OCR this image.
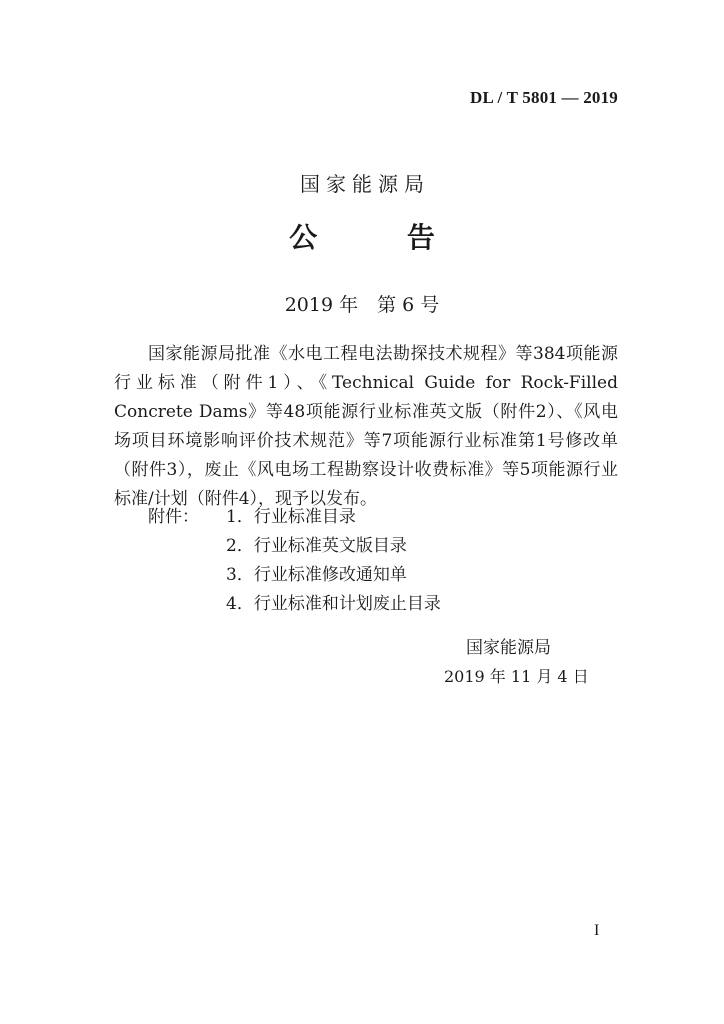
DL / T 5801 — 2019
国家能源局
公 告
2019 年　第 6 号

国家能源局批准《水电工程电法勘探技术规程》等384项能源行业标准（附件1）、《Technical Guide for Rock-Filled Concrete Dams》等48项能源行业标准英文版（附件2）、《风电场项目环境影响评价技术规范》等7项能源行业标准第1号修改单（附件3），废止《风电场工程勘察设计收费标准》等5项能源行业标准/计划（附件4），现予以发布。

附件： 1．行业标准目录
2．行业标准英文版目录
3．行业标准修改通知单
4．行业标准和计划废止目录
国家能源局
2019 年 11 月 4 日
I
